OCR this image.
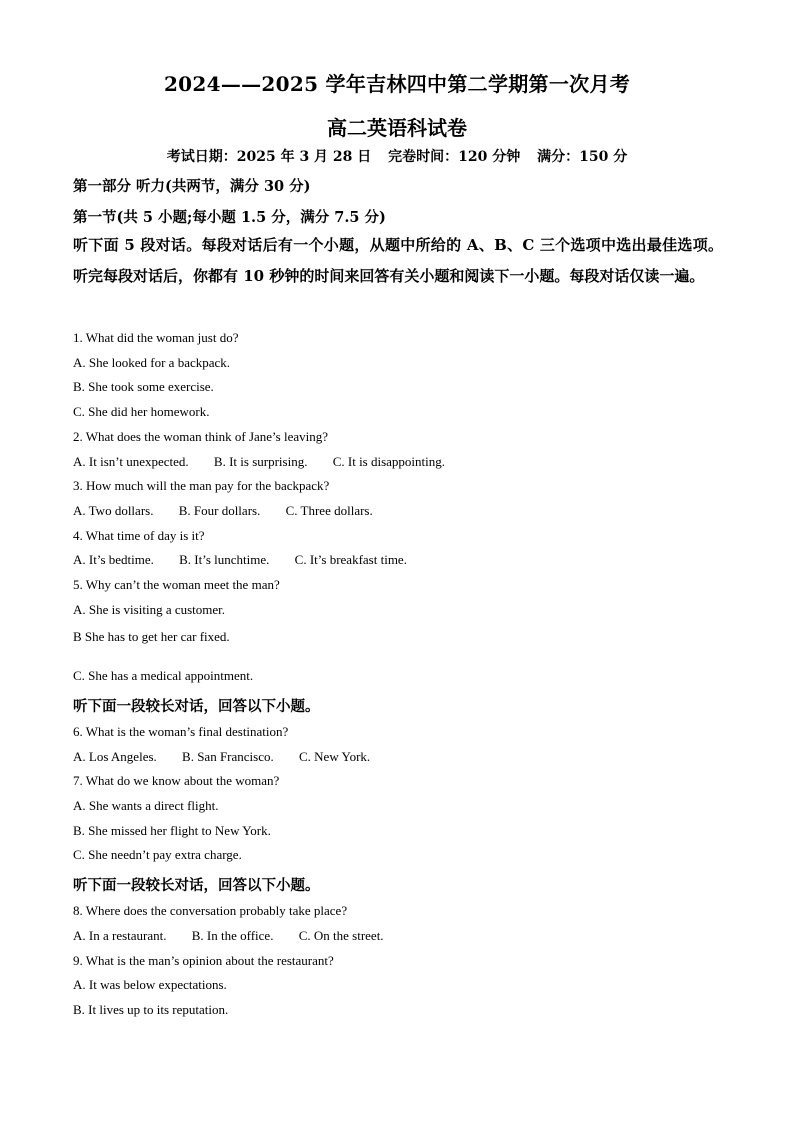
2024——2025 学年吉林四中第二学期第一次月考
高二英语科试卷
考试日期：2025 年 3 月 28 日 完卷时间：120 分钟 满分：150 分
第一部分 听力(共两节，满分 30 分)
第一节(共 5 小题;每小题 1.5 分，满分 7.5 分)
听下面 5 段对话。每段对话后有一个小题，从题中所给的 A、B、C 三个选项中选出最佳选项。听完每段对话后，你都有 10 秒钟的时间来回答有关小题和阅读下一小题。每段对话仅读一遍。
1. What did the woman just do?
A. She looked for a backpack.
B. She took some exercise.
C. She did her homework.
2. What does the woman think of Jane’s leaving?
A. It isn’t unexpected. B. It is surprising. C. It is disappointing.
3. How much will the man pay for the backpack?
A. Two dollars. B. Four dollars. C. Three dollars.
4. What time of day is it?
A. It’s bedtime. B. It’s lunchtime. C. It’s breakfast time.
5. Why can’t the woman meet the man?
A. She is visiting a customer.
B She has to get her car fixed.
C. She has a medical appointment.
听下面一段较长对话，回答以下小题。
6. What is the woman’s final destination?
A. Los Angeles. B. San Francisco. C. New York.
7. What do we know about the woman?
A. She wants a direct flight.
B. She missed her flight to New York.
C. She needn’t pay extra charge.
听下面一段较长对话，回答以下小题。
8. Where does the conversation probably take place?
A. In a restaurant. B. In the office. C. On the street.
9. What is the man’s opinion about the restaurant?
A. It was below expectations.
B. It lives up to its reputation.
